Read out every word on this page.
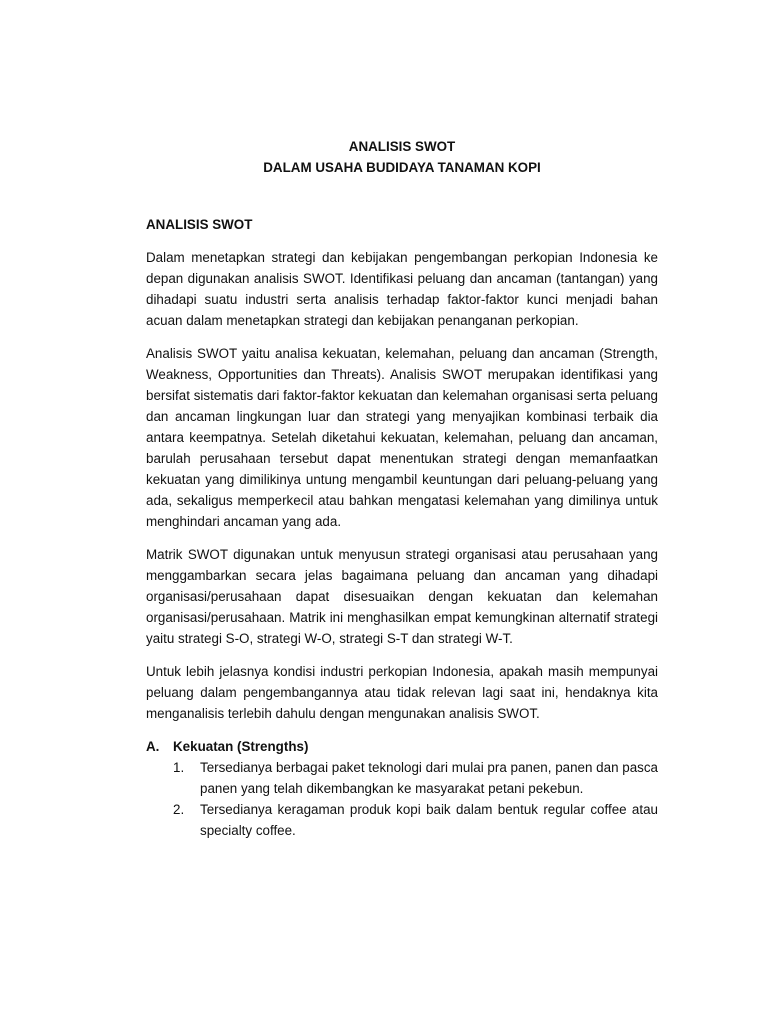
ANALISIS SWOT

DALAM USAHA BUDIDAYA TANAMAN KOPI

ANALISIS SWOT

Dalam menetapkan strategi dan kebijakan pengembangan perkopian Indonesia ke depan digunakan analisis SWOT. Identifikasi peluang dan ancaman (tantangan) yang dihadapi suatu industri serta analisis terhadap faktor-faktor kunci menjadi bahan acuan dalam menetapkan strategi dan kebijakan penanganan perkopian.

Analisis SWOT yaitu analisa kekuatan, kelemahan, peluang dan ancaman (Strength, Weakness, Opportunities dan Threats). Analisis SWOT merupakan identifikasi yang bersifat sistematis dari faktor-faktor kekuatan dan kelemahan organisasi serta peluang dan ancaman lingkungan luar dan strategi yang menyajikan kombinasi terbaik dia antara keempatnya. Setelah diketahui kekuatan, kelemahan, peluang dan ancaman, barulah perusahaan tersebut dapat menentukan strategi dengan memanfaatkan kekuatan yang dimilikinya untung mengambil keuntungan dari peluang-peluang yang ada, sekaligus memperkecil atau bahkan mengatasi kelemahan yang dimilinya untuk menghindari ancaman yang ada.

Matrik SWOT digunakan untuk menyusun strategi organisasi atau perusahaan yang menggambarkan secara jelas bagaimana peluang dan ancaman yang dihadapi organisasi/perusahaan dapat disesuaikan dengan kekuatan dan kelemahan organisasi/perusahaan. Matrik ini menghasilkan empat kemungkinan alternatif strategi yaitu strategi S-O, strategi W-O, strategi S-T dan strategi W-T.

Untuk lebih jelasnya kondisi industri perkopian Indonesia, apakah masih mempunyai peluang dalam pengembangannya atau tidak relevan lagi saat ini, hendaknya kita menganalisis terlebih dahulu dengan mengunakan analisis SWOT.

A.	Kekuatan (Strengths)
1.	Tersedianya berbagai paket teknologi dari mulai pra panen, panen dan pasca panen yang telah dikembangkan ke masyarakat petani pekebun.
2.	Tersedianya keragaman produk kopi baik dalam bentuk regular coffee atau specialty coffee.
